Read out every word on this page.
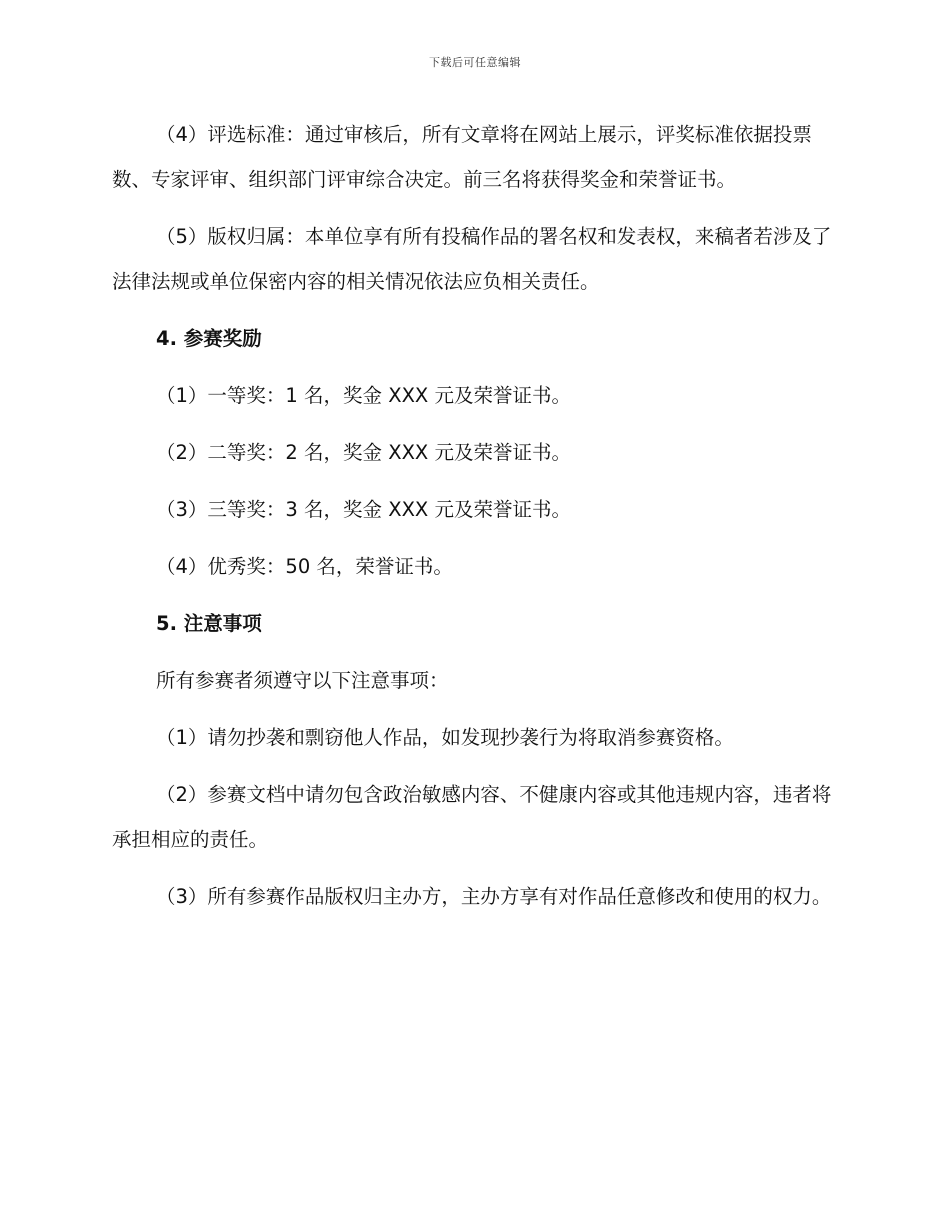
下载后可任意编辑

（4）评选标准：通过审核后，所有文章将在网站上展示，评奖标准依据投票数、专家评审、组织部门评审综合决定。前三名将获得奖金和荣誉证书。

（5）版权归属：本单位享有所有投稿作品的署名权和发表权，来稿者若涉及了法律法规或单位保密内容的相关情况依法应负相关责任。

4. 参赛奖励

（1）一等奖：1 名，奖金 XXX 元及荣誉证书。

（2）二等奖：2 名，奖金 XXX 元及荣誉证书。

（3）三等奖：3 名，奖金 XXX 元及荣誉证书。

（4）优秀奖：50 名，荣誉证书。

5. 注意事项

所有参赛者须遵守以下注意事项：

（1）请勿抄袭和剽窃他人作品，如发现抄袭行为将取消参赛资格。

（2）参赛文档中请勿包含政治敏感内容、不健康内容或其他违规内容，违者将承担相应的责任。

（3）所有参赛作品版权归主办方，主办方享有对作品任意修改和使用的权力。
